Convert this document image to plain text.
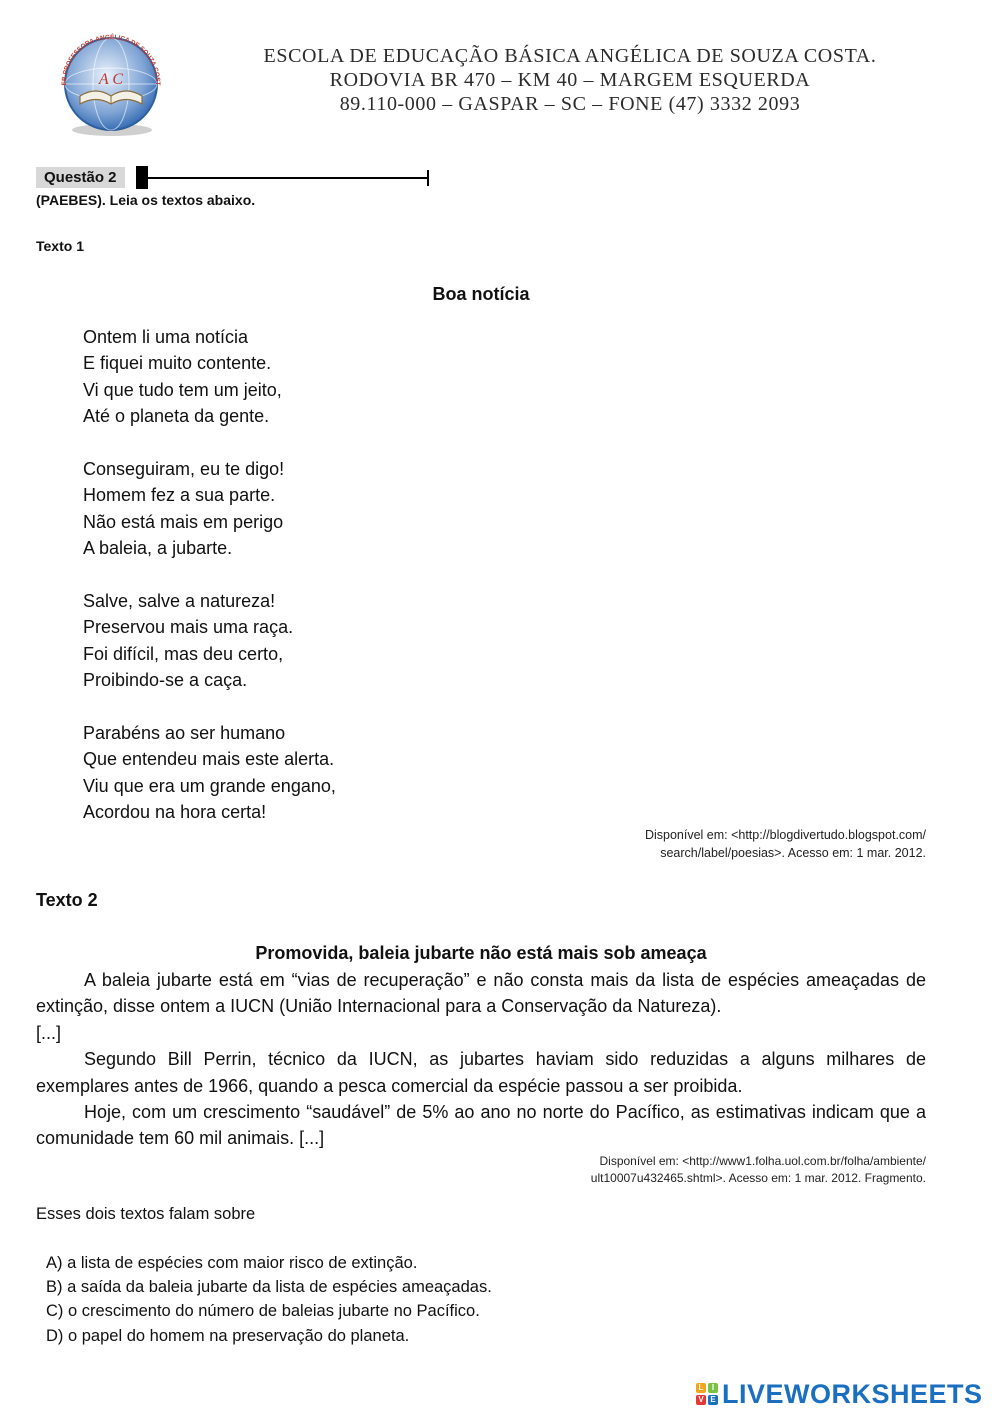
A C
EB PROFESSORA ANGÉLICA DE SOUZA COST
ESCOLA DE EDUCAÇÃO BÁSICA ANGÉLICA DE SOUZA COSTA.
RODOVIA BR 470 – KM 40 – MARGEM ESQUERDA
89.110-000 – GASPAR – SC – FONE (47) 3332 2093
Questão 2
(PAEBES). Leia os textos abaixo.
Texto 1
Boa notícia
Ontem li uma notícia
E fiquei muito contente.
Vi que tudo tem um jeito,
Até o planeta da gente.
Conseguiram, eu te digo!
Homem fez a sua parte.
Não está mais em perigo
A baleia, a jubarte.
Salve, salve a natureza!
Preservou mais uma raça.
Foi difícil, mas deu certo,
Proibindo-se a caça.
Parabéns ao ser humano
Que entendeu mais este alerta.
Viu que era um grande engano,
Acordou na hora certa!
Disponível em: <http://blogdivertudo.blogspot.com/
search/label/poesias>. Acesso em: 1 mar. 2012.
Texto 2
Promovida, baleia jubarte não está mais sob ameaça

A baleia jubarte está em “vias de recuperação” e não consta mais da lista de espécies ameaçadas de extinção, disse ontem a IUCN (União Internacional para a Conservação da Natureza).

[...]

Segundo Bill Perrin, técnico da IUCN, as jubartes haviam sido reduzidas a alguns milhares de exemplares antes de 1966, quando a pesca comercial da espécie passou a ser proibida.

Hoje, com um crescimento “saudável” de 5% ao ano no norte do Pacífico, as estimativas indicam que a comunidade tem 60 mil animais. [...]

Disponível em: <http://www1.folha.uol.com.br/folha/ambiente/
ult10007u432465.shtml>. Acesso em: 1 mar. 2012. Fragmento.
Esses dois textos falam sobre
A) a lista de espécies com maior risco de extinção.
B) a saída da baleia jubarte da lista de espécies ameaçadas.
C) o crescimento do número de baleias jubarte no Pacífico.
D) o papel do homem na preservação do planeta.
L	I
V E LIVEWORKSHEETS
